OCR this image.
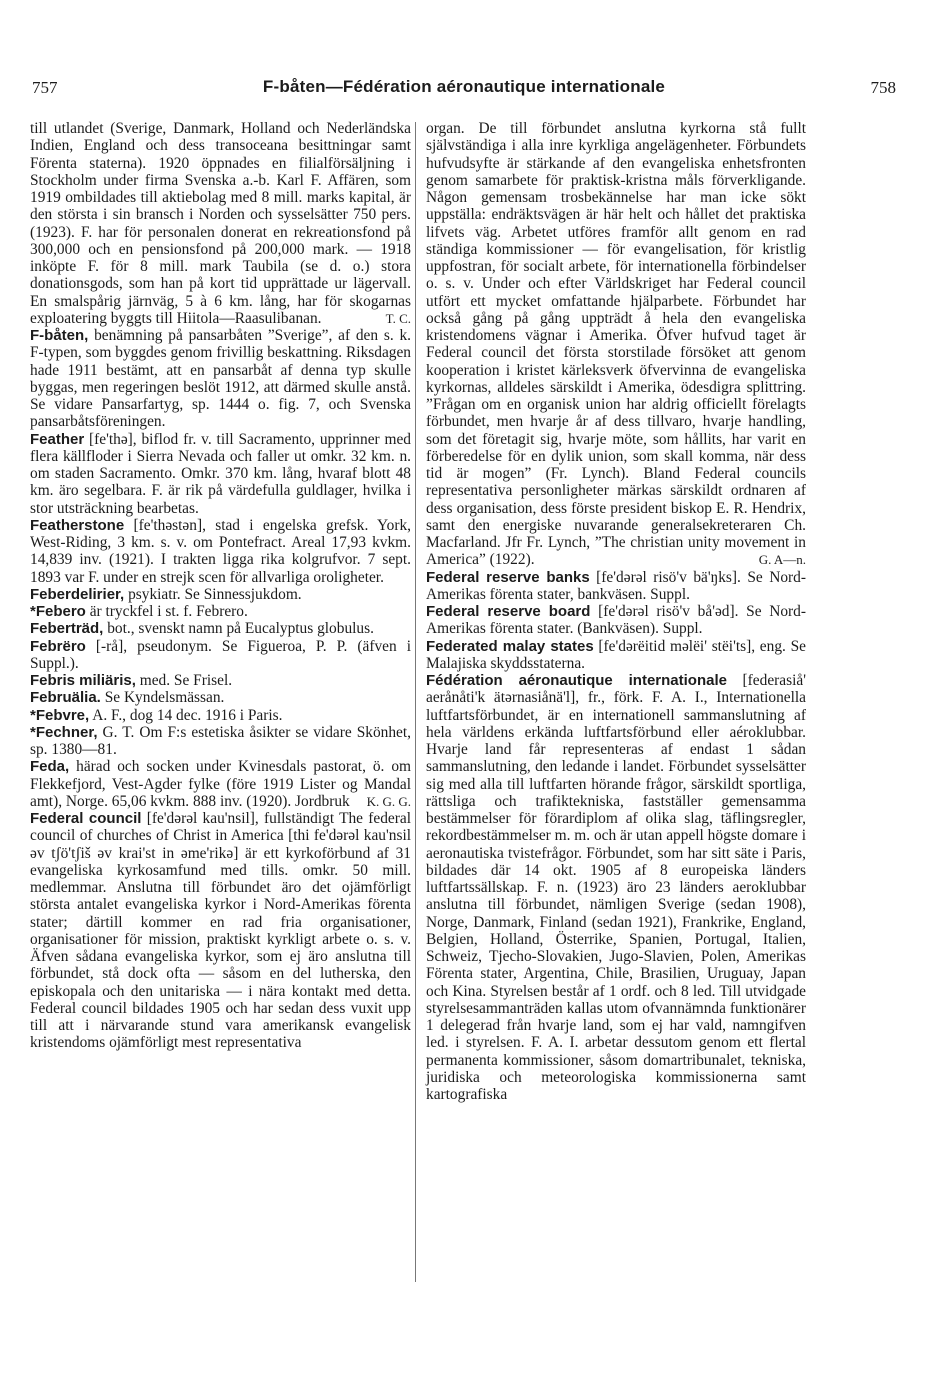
757	F-båten—Fédération aéronautique internationale	758

till utlandet (Sverige, Danmark, Holland och Nederländska Indien, England och dess transoceana besittningar samt Förenta staterna). 1920 öppnades en filialförsäljning i Stockholm under firma Svenska a.-b. Karl F. Affären, som 1919 ombildades till aktiebolag med 8 mill. marks kapital, är den största i sin bransch i Norden och sysselsätter 750 pers. (1923). F. har för personalen donerat en rekreationsfond på 300,000 och en pensionsfond på 200,000 mark. — 1918 inköpte F. för 8 mill. mark Taubila (se d. o.) stora donationsgods, som han på kort tid upprättade ur lägervall. En smalspårig järnväg, 5 à 6 km. lång, har för skogarnas exploatering byggts till Hiitola—Raasulibanan.	T. C.

F-båten, benämning på pansarbåten ”Sverige”, af den s. k. F-typen, som byggdes genom frivillig beskattning. Riksdagen hade 1911 bestämt, att en pansarbåt af denna typ skulle byggas, men regeringen beslöt 1912, att därmed skulle anstå. Se vidare Pansarfartyg, sp. 1444 o. fig. 7, och Svenska pansarbåtsföreningen.

Feather [fe'thə], biflod fr. v. till Sacramento, upprinner med flera källfloder i Sierra Nevada och faller ut omkr. 32 km. n. om staden Sacramento. Omkr. 370 km. lång, hvaraf blott 48 km. äro segelbara. F. är rik på värdefulla guldlager, hvilka i stor utsträckning bearbetas.

Featherstone [fe'thəstən], stad i engelska grefsk. York, West-Riding, 3 km. s. v. om Pontefract. Areal 17,93 kvkm. 14,839 inv. (1921). I trakten ligga rika kolgrufvor. 7 sept. 1893 var F. under en strejk scen för allvarliga oroligheter.

Feberdelirier, psykiatr. Se Sinnessjukdom.

*Febero är tryckfel i st. f. Febrero.

Feberträd, bot., svenskt namn på Eucalyptus globulus.

Febrëro [-rå], pseudonym. Se Figueroa, P. P. (äfven i Suppl.).

Febris miliäris, med. Se Frisel.

Februälia. Se Kyndelsmässan.

*Febvre, A. F., dog 14 dec. 1916 i Paris.

*Fechner, G. T. Om F:s estetiska åsikter se vidare Skönhet, sp. 1380—81.

Feda, härad och socken under Kvinesdals pastorat, ö. om Flekkefjord, Vest-Agder fylke (före 1919 Lister og Mandal amt), Norge. 65,06 kvkm. 888 inv. (1920). Jordbruk K. G. G.

Federal council [fe'dərəl kau'nsil], fullständigt The federal council of churches of Christ in America [thi fe'dərəl kau'nsil əv tʃö'tʃiš əv krai'st in əme'rikə] är ett kyrkoförbund af 31 evangeliska kyrkosamfund med tills. omkr. 50 mill. medlemmar. Anslutna till förbundet äro det ojämförligt största antalet evangeliska kyrkor i Nord-Amerikas förenta stater; därtill kommer en rad fria organisationer, organisationer för mission, praktiskt kyrkligt arbete o. s. v. Äfven sådana evangeliska kyrkor, som ej äro anslutna till förbundet, stå dock ofta — såsom en del lutherska, den episkopala och den unitariska — i nära kontakt med detta. Federal council bildades 1905 och har sedan dess vuxit upp till att i närvarande stund vara amerikansk evangelisk kristendoms ojämförligt mest representativa

organ. De till förbundet anslutna kyrkorna stå fullt självständiga i alla inre kyrkliga angelägenheter. Förbundets hufvudsyfte är stärkande af den evangeliska enhetsfronten genom samarbete för praktisk-kristna måls förverkligande. Någon gemensam trosbekännelse har man icke sökt uppställa: endräktsvägen är här helt och hållet det praktiska lifvets väg. Arbetet utföres framför allt genom en rad ständiga kommissioner — för evangelisation, för kristlig uppfostran, för socialt arbete, för internationella förbindelser o. s. v. Under och efter Världskriget har Federal council utfört ett mycket omfattande hjälparbete. Förbundet har också gång på gång uppträdt å hela den evangeliska kristendomens vägnar i Amerika. Öfver hufvud taget är Federal council det första storstilade försöket att genom kooperation i kristet kärleksverk öfvervinna de evangeliska kyrkornas, alldeles särskildt i Amerika, ödesdigra splittring. ”Frågan om en organisk union har aldrig officiellt förelagts förbundet, men hvarje år af dess tillvaro, hvarje handling, som det företagit sig, hvarje möte, som hållits, har varit en förberedelse för en dylik union, som skall komma, när dess tid är mogen” (Fr. Lynch). Bland Federal councils representativa personligheter märkas särskildt ordnaren af dess organisation, dess förste president biskop E. R. Hendrix, samt den energiske nuvarande generalsekreteraren Ch. Macfarland. Jfr Fr. Lynch, ”The christian unity movement in America” (1922).	G. A—n.

Federal reserve banks [fe'dərəl risö'v bä'ŋks]. Se Nord-Amerikas förenta stater, bankväsen. Suppl.

Federal reserve board [fe'dərəl risö'v bå'əd]. Se Nord-Amerikas förenta stater. (Bankväsen). Suppl.

Federated malay states [fe'dərëitid məlëi' stëi'ts], eng. Se Malajiska skyddsstaterna.

Fédération aéronautique internationale [federasiå' aerånåti'k ätərnasiånä'l], fr., förk. F. A. I., Internationella luftfartsförbundet, är en internationell sammanslutning af hela världens erkända luftfartsförbund eller aéroklubbar. Hvarje land får representeras af endast 1 sådan sammanslutning, den ledande i landet. Förbundet sysselsätter sig med alla till luftfarten hörande frågor, särskildt sportliga, rättsliga och trafiktekniska, fastställer gemensamma bestämmelser för förardiplom af olika slag, täflingsregler, rekordbestämmelser m. m. och är utan appell högste domare i aeronautiska tvistefrågor. Förbundet, som har sitt säte i Paris, bildades där 14 okt. 1905 af 8 europeiska länders luftfartssällskap. F. n. (1923) äro 23 länders aeroklubbar anslutna till förbundet, nämligen Sverige (sedan 1908), Norge, Danmark, Finland (sedan 1921), Frankrike, England, Belgien, Holland, Österrike, Spanien, Portugal, Italien, Schweiz, Tjecho-Slovakien, Jugo-Slavien, Polen, Amerikas Förenta stater, Argentina, Chile, Brasilien, Uruguay, Japan och Kina. Styrelsen består af 1 ordf. och 8 led. Till utvidgade styrelsesammanträden kallas utom ofvannämnda funktionärer 1 delegerad från hvarje land, som ej har vald, namngifven led. i styrelsen. F. A. I. arbetar dessutom genom ett flertal permanenta kommissioner, såsom domartribunalet, tekniska, juridiska och meteorologiska kommissionerna samt kartografiska
